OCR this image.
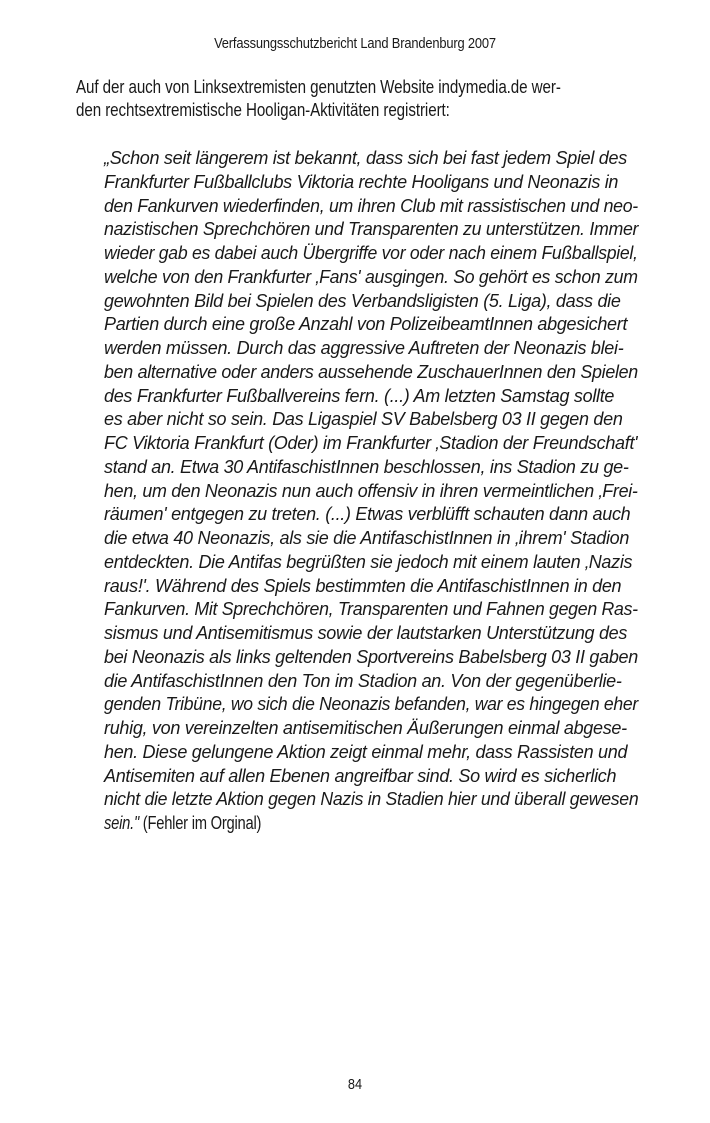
Verfassungsschutzbericht Land Brandenburg 2007
Auf der auch von Linksextremisten genutzten Website indymedia.de wer-
den rechtsextremistische Hooligan-Aktivitäten registriert:
„Schon seit längerem ist bekannt, dass sich bei fast jedem Spiel des
Frankfurter Fußballclubs Viktoria rechte Hooligans und Neonazis in
den Fankurven wiederfinden, um ihren Club mit rassistischen und neo-
nazistischen Sprechchören und Transparenten zu unterstützen. Immer
wieder gab es dabei auch Übergriffe vor oder nach einem Fußballspiel,
welche von den Frankfurter ‚Fans' ausgingen. So gehört es schon zum
gewohnten Bild bei Spielen des Verbandsligisten (5. Liga), dass die
Partien durch eine große Anzahl von PolizeibeamtInnen abgesichert
werden müssen. Durch das aggressive Auftreten der Neonazis blei-
ben alternative oder anders aussehende ZuschauerInnen den Spielen
des Frankfurter Fußballvereins fern. (...) Am letzten Samstag sollte
es aber nicht so sein. Das Ligaspiel SV Babelsberg 03 II gegen den
FC Viktoria Frankfurt (Oder) im Frankfurter ‚Stadion der Freundschaft'
stand an. Etwa 30 AntifaschistInnen beschlossen, ins Stadion zu ge-
hen, um den Neonazis nun auch offensiv in ihren vermeintlichen ‚Frei-
räumen' entgegen zu treten. (...) Etwas verblüfft schauten dann auch
die etwa 40 Neonazis, als sie die AntifaschistInnen in ‚ihrem' Stadion
entdeckten. Die Antifas begrüßten sie jedoch mit einem lauten ‚Nazis
raus!'. Während des Spiels bestimmten die AntifaschistInnen in den
Fankurven. Mit Sprechchören, Transparenten und Fahnen gegen Ras-
sismus und Antisemitismus sowie der lautstarken Unterstützung des
bei Neonazis als links geltenden Sportvereins Babelsberg 03 II gaben
die AntifaschistInnen den Ton im Stadion an. Von der gegenüberlie-
genden Tribüne, wo sich die Neonazis befanden, war es hingegen eher
ruhig, von vereinzelten antisemitischen Äußerungen einmal abgese-
hen. Diese gelungene Aktion zeigt einmal mehr, dass Rassisten und
Antisemiten auf allen Ebenen angreifbar sind. So wird es sicherlich
nicht die letzte Aktion gegen Nazis in Stadien hier und überall gewesen
sein." (Fehler im Orginal)
84
